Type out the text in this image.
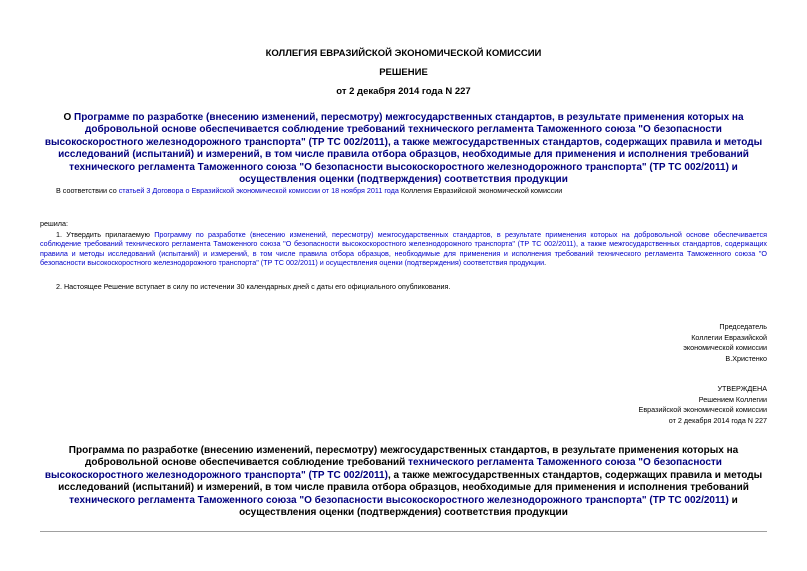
КОЛЛЕГИЯ ЕВРАЗИЙСКОЙ ЭКОНОМИЧЕСКОЙ КОМИССИИ
РЕШЕНИЕ
от 2 декабря 2014 года N 227
О Программе по разработке (внесению изменений, пересмотру) межгосударственных стандартов, в результате применения которых на добровольной основе обеспечивается соблюдение требований технического регламента Таможенного союза "О безопасности высокоскоростного железнодорожного транспорта" (ТР ТС 002/2011), а также межгосударственных стандартов, содержащих правила и методы исследований (испытаний) и измерений, в том числе правила отбора образцов, необходимые для применения и исполнения требований технического регламента Таможенного союза "О безопасности высокоскоростного железнодорожного транспорта" (ТР ТС 002/2011) и осуществления оценки (подтверждения) соответствия продукции
В соответствии со статьей 3 Договора о Евразийской экономической комиссии от 18 ноября 2011 года Коллегия Евразийской экономической комиссии
решила:
1. Утвердить прилагаемую Программу по разработке (внесению изменений, пересмотру) межгосударственных стандартов, в результате применения которых на добровольной основе обеспечивается соблюдение требований технического регламента Таможенного союза "О безопасности высокоскоростного железнодорожного транспорта" (ТР ТС 002/2011), а также межгосударственных стандартов, содержащих правила и методы исследований (испытаний) и измерений, в том числе правила отбора образцов, необходимые для применения и исполнения требований технического регламента Таможенного союза "О безопасности высокоскоростного железнодорожного транспорта" (ТР ТС 002/2011) и осуществления оценки (подтверждения) соответствия продукции.
2. Настоящее Решение вступает в силу по истечении 30 календарных дней с даты его официального опубликования.
Председатель
Коллегии Евразийской
экономической комиссии
В.Христенко
УТВЕРЖДЕНА
Решением Коллегии
Евразийской экономической комиссии
от 2 декабря 2014 года N 227
Программа по разработке (внесению изменений, пересмотру) межгосударственных стандартов, в результате применения которых на добровольной основе обеспечивается соблюдение требований технического регламента Таможенного союза "О безопасности высокоскоростного железнодорожного транспорта" (ТР ТС 002/2011), а также межгосударственных стандартов, содержащих правила и методы исследований (испытаний) и измерений, в том числе правила отбора образцов, необходимые для применения и исполнения требований технического регламента Таможенного союза "О безопасности высокоскоростного железнодорожного транспорта" (ТР ТС 002/2011) и осуществления оценки (подтверждения) соответствия продукции
